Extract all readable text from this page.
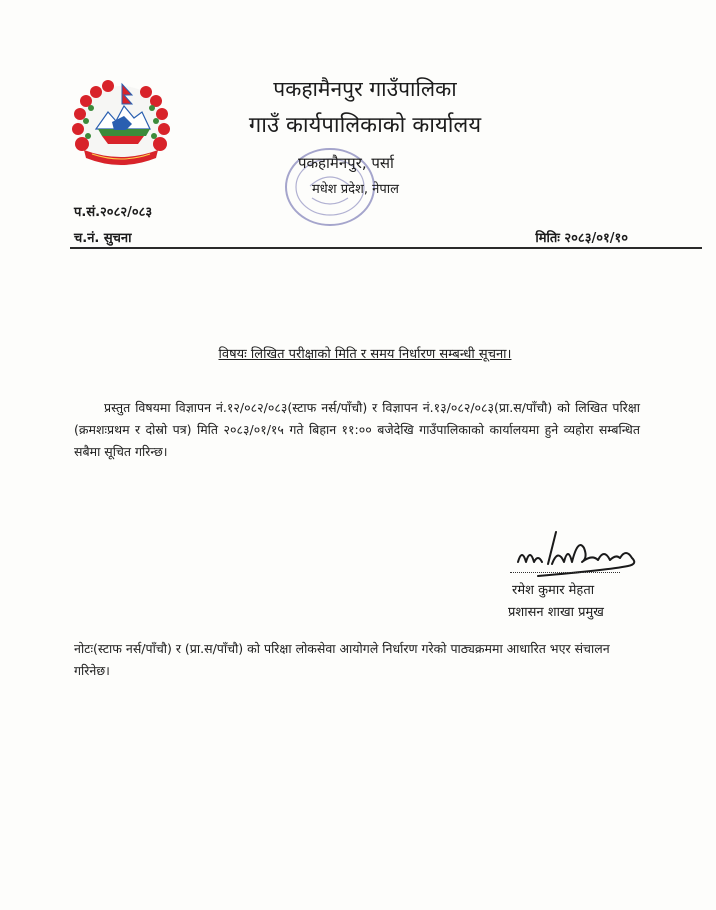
पकहामैनपुर गाउँपालिका
गाउँ कार्यपालिकाको कार्यालय
पकहामैनपुर, पर्सा
मधेश प्रदेश, नेपाल
प.सं.२०८२/०८३
च.नं. सुचना	मितिः २०८३/०१/१०
विषयः लिखित परीक्षाको मिति र समय निर्धारण सम्बन्धी सूचना।
प्रस्तुत विषयमा विज्ञापन नं.१२/०८२/०८३(स्टाफ नर्स/पाँचौ) र विज्ञापन नं.१३/०८२/०८३(प्रा.स/पाँचौ) को लिखित परिक्षा (क्रमशःप्रथम र दोस्रो पत्र) मिति २०८३/०१/१५ गते बिहान ११:०० बजेदेखि गाउँपालिकाको कार्यालयमा हुने व्यहोरा सम्बन्धित सबैमा सूचित गरिन्छ।
रमेश कुमार मेहता
प्रशासन शाखा प्रमुख
नोटः(स्टाफ नर्स/पाँचौ) र (प्रा.स/पाँचौ) को परिक्षा लोकसेवा आयोगले निर्धारण गरेको पाठ्यक्रममा आधारित भएर संचालन गरिनेछ।
